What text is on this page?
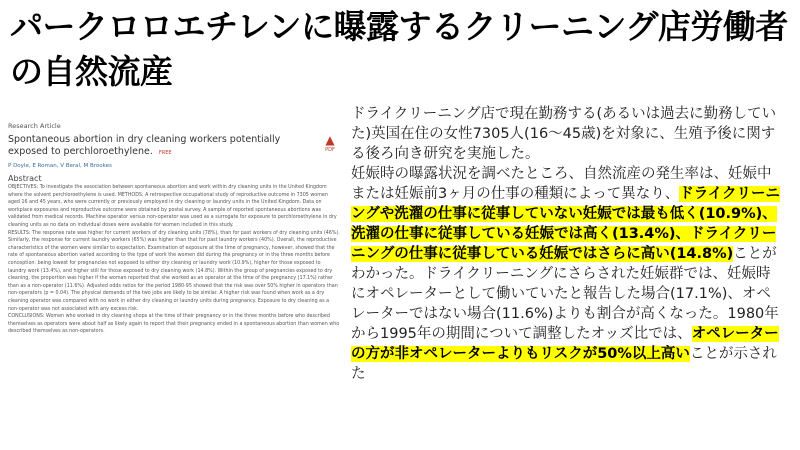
パークロロエチレンに曝露するクリーニング店労働者の自然流産
Research Article
Spontaneous abortion in dry cleaning workers potentially exposed to perchloroethylene. FREE
▲
PDF
P Doyle, E Roman, V Beral, M Brookes
Abstract

OBJECTIVES: To investigate the association between spontaneous abortion and work within dry cleaning units in the United Kingdom where the solvent perchloroethylene is used. METHODS: A retrospective occupational study of reproductive outcome in 7305 women aged 16 and 45 years, who were currently or previously employed in dry cleaning or laundry units in the United Kingdom. Data on workplace exposures and reproductive outcome were obtained by postal survey. A sample of reported spontaneous abortions was validated from medical records. Machine operator versus non-operator was used as a surrogate for exposure to perchloroethylene in dry cleaning units as no data on individual doses were available for women included in this study.

RESULTS: The response rate was higher for current workers of dry cleaning units (78%), than for past workers of dry cleaning units (46%). Similarly, the response for current laundry workers (65%) was higher than that for past laundry workers (40%). Overall, the reproductive characteristics of the women were similar to expectation. Examination of exposure at the time of pregnancy, however, showed that the rate of spontaneous abortion varied according to the type of work the women did during the pregnancy or in the three months before conception: being lowest for pregnancies not exposed to either dry cleaning or laundry work (10.9%), higher for those exposed to laundry work (13.4%), and higher still for those exposed to dry cleaning work (14.8%). Within the group of pregnancies exposed to dry cleaning, the proportion was higher if the woman reported that she worked as an operator at the time of the pregnancy (17.1%) rather than as a non-operator (11.6%). Adjusted odds ratios for the period 1980-95 showed that the risk was over 50% higher in operators than non-operators (p = 0.04). The physical demands of the two jobs are likely to be similar. A higher risk was found when work as a dry cleaning operator was compared with no work in either dry cleaning or laundry units during pregnancy. Exposure to dry cleaning as a non-operator was not associated with any excess risk.

CONCLUSIONS: Women who worked in dry cleaning shops at the time of their pregnancy or in the three months before who described themselves as operators were about half as likely again to report that their pregnancy ended in a spontaneous abortion than women who described themselves as non-operators.

ドライクリーニング店で現在勤務する(あるいは過去に勤務していた)英国在住の女性7305人(16〜45歳)を対象に、生殖予後に関する後ろ向き研究を実施した。

妊娠時の曝露状況を調べたところ、自然流産の発生率は、妊娠中または妊娠前3ヶ月の仕事の種類によって異なり、ドライクリーニングや洗濯の仕事に従事していない妊娠では最も低く(10.9%)、洗濯の仕事に従事している妊娠では高く(13.4%)、ドライクリーニングの仕事に従事している妊娠ではさらに高い(14.8%)ことがわかった。ドライクリーニングにさらされた妊娠群では、妊娠時にオペレーターとして働いていたと報告した場合(17.1%)、オペレーターではない場合(11.6%)よりも割合が高くなった。1980年から1995年の期間について調整したオッズ比では、オペレーターの方が非オペレーターよりもリスクが50%以上高いことが示された
